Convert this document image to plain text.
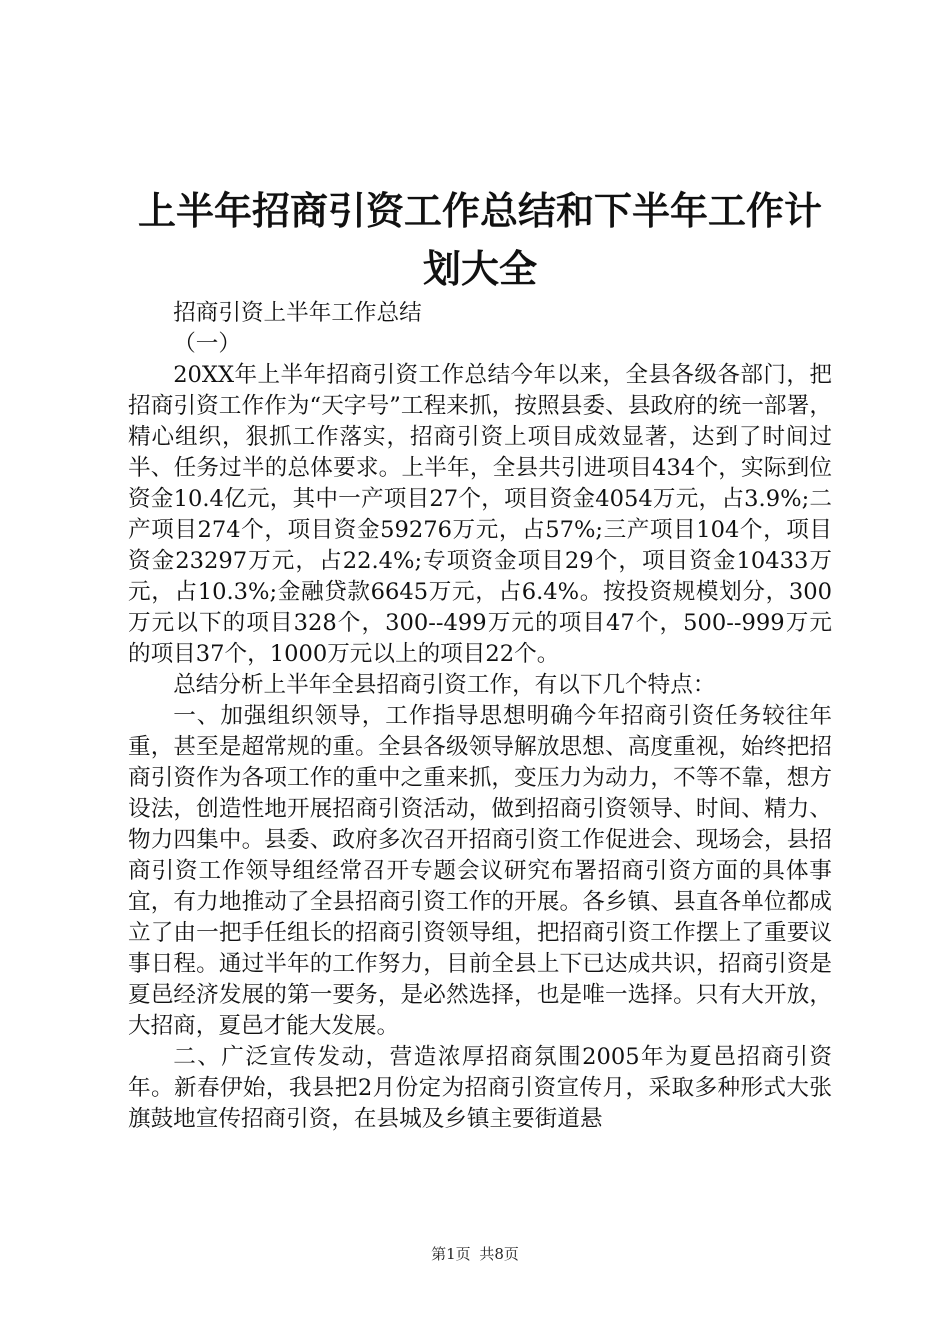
上半年招商引资工作总结和下半年工作计划大全

招商引资上半年工作总结

（一）

20XX年上半年招商引资工作总结今年以来，全县各级各部门，把招商引资工作作为“天字号”工程来抓，按照县委、县政府的统一部署，精心组织，狠抓工作落实，招商引资上项目成效显著，达到了时间过半、任务过半的总体要求。上半年，全县共引进项目434个，实际到位资金10.4亿元，其中一产项目27个，项目资金4054万元，占3.9%;二产项目274个，项目资金59276万元，占57%;三产项目104个，项目资金23297万元，占22.4%;专项资金项目29个，项目资金10433万元，占10.3%;金融贷款6645万元，占6.4%。按投资规模划分，300万元以下的项目328个，300--499万元的项目47个，500--999万元的项目37个，1000万元以上的项目22个。

总结分析上半年全县招商引资工作，有以下几个特点：

一、加强组织领导，工作指导思想明确今年招商引资任务较往年重，甚至是超常规的重。全县各级领导解放思想、高度重视，始终把招商引资作为各项工作的重中之重来抓，变压力为动力，不等不靠，想方设法，创造性地开展招商引资活动，做到招商引资领导、时间、精力、物力四集中。县委、政府多次召开招商引资工作促进会、现场会，县招商引资工作领导组经常召开专题会议研究布署招商引资方面的具体事宜，有力地推动了全县招商引资工作的开展。各乡镇、县直各单位都成立了由一把手任组长的招商引资领导组，把招商引资工作摆上了重要议事日程。通过半年的工作努力，目前全县上下已达成共识，招商引资是夏邑经济发展的第一要务，是必然选择，也是唯一选择。只有大开放，大招商，夏邑才能大发展。

二、广泛宣传发动，营造浓厚招商氛围2005年为夏邑招商引资年。新春伊始，我县把2月份定为招商引资宣传月，采取多种形式大张旗鼓地宣传招商引资，在县城及乡镇主要街道悬

第1页 共8页
